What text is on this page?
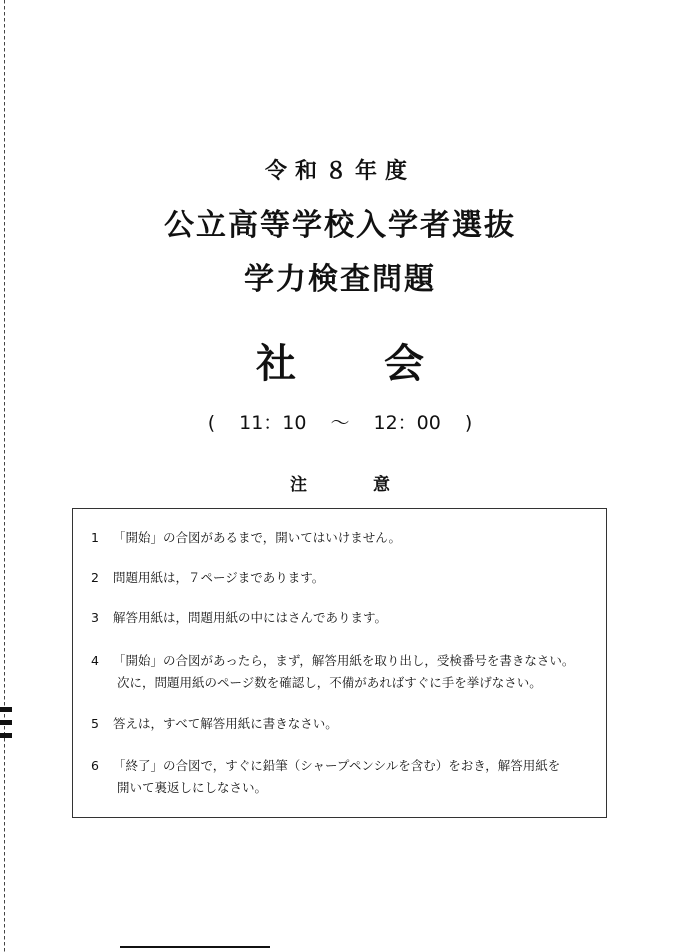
令和８年度
公立高等学校入学者選抜
学力検査問題
社 会
( 11：10 ～ 12：00 )
注	意
1 「開始」の合図があるまで，開いてはいけません。
2 問題用紙は，７ページまであります。
3 解答用紙は，問題用紙の中にはさんであります。
4 「開始」の合図があったら，まず，解答用紙を取り出し，受検番号を書きなさい。
次に，問題用紙のページ数を確認し，不備があればすぐに手を挙げなさい。
5 答えは，すべて解答用紙に書きなさい。
6 「終了」の合図で，すぐに鉛筆（シャープペンシルを含む）をおき，解答用紙を
開いて裏返しにしなさい。
